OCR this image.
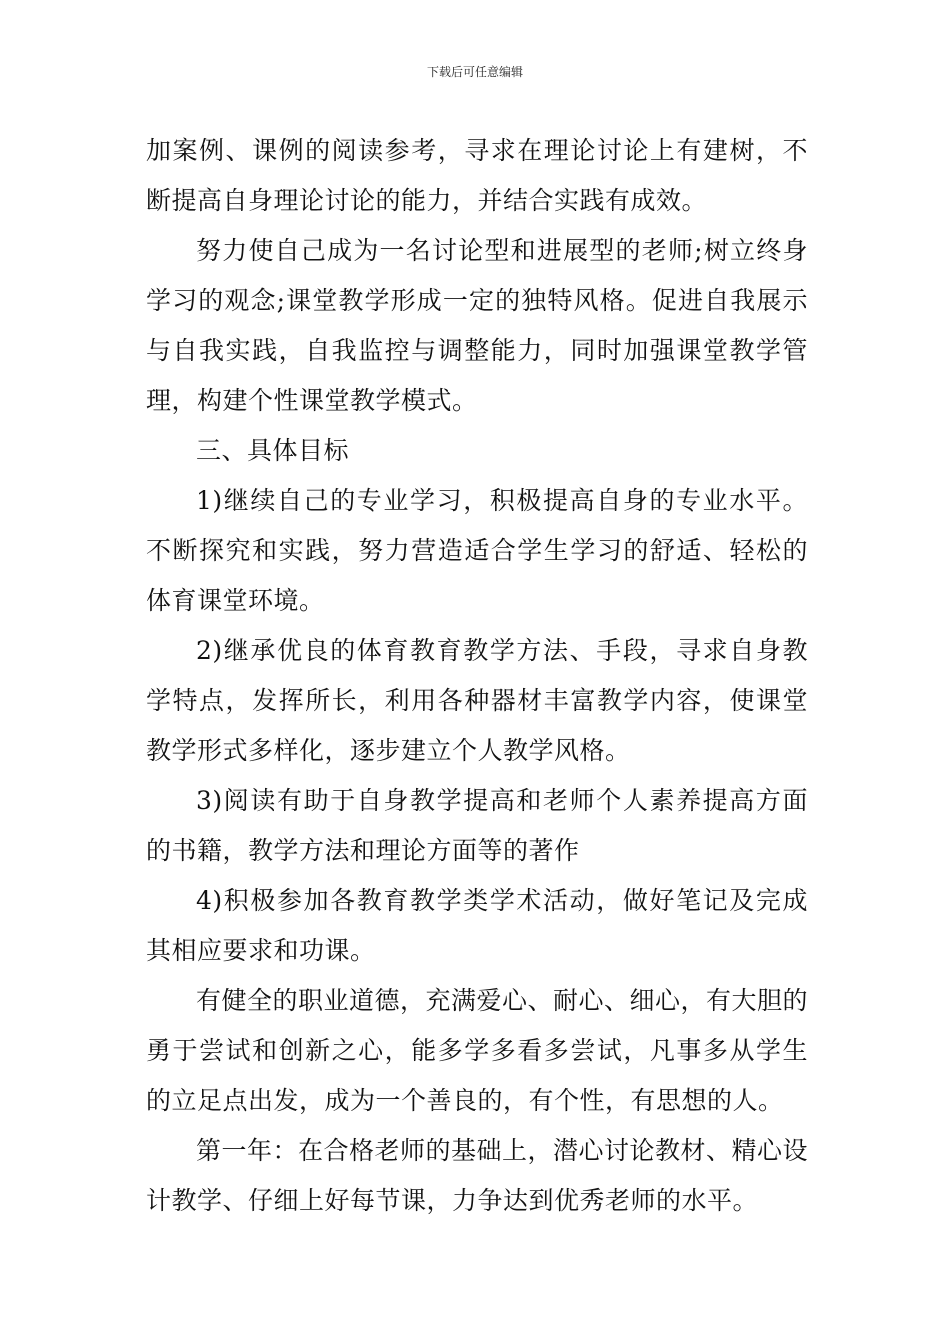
下载后可任意编辑

加案例、课例的阅读参考，寻求在理论讨论上有建树，不断提高自身理论讨论的能力，并结合实践有成效。

努力使自己成为一名讨论型和进展型的老师;树立终身学习的观念;课堂教学形成一定的独特风格。促进自我展示与自我实践，自我监控与调整能力，同时加强课堂教学管理，构建个性课堂教学模式。

三、具体目标

1)继续自己的专业学习，积极提高自身的专业水平。不断探究和实践，努力营造适合学生学习的舒适、轻松的体育课堂环境。

2)继承优良的体育教育教学方法、手段，寻求自身教学特点，发挥所长，利用各种器材丰富教学内容，使课堂教学形式多样化，逐步建立个人教学风格。

3)阅读有助于自身教学提高和老师个人素养提高方面的书籍，教学方法和理论方面等的著作

4)积极参加各教育教学类学术活动，做好笔记及完成其相应要求和功课。

有健全的职业道德，充满爱心、耐心、细心，有大胆的勇于尝试和创新之心，能多学多看多尝试，凡事多从学生的立足点出发，成为一个善良的，有个性，有思想的人。

第一年：在合格老师的基础上，潜心讨论教材、精心设计教学、仔细上好每节课，力争达到优秀老师的水平。
